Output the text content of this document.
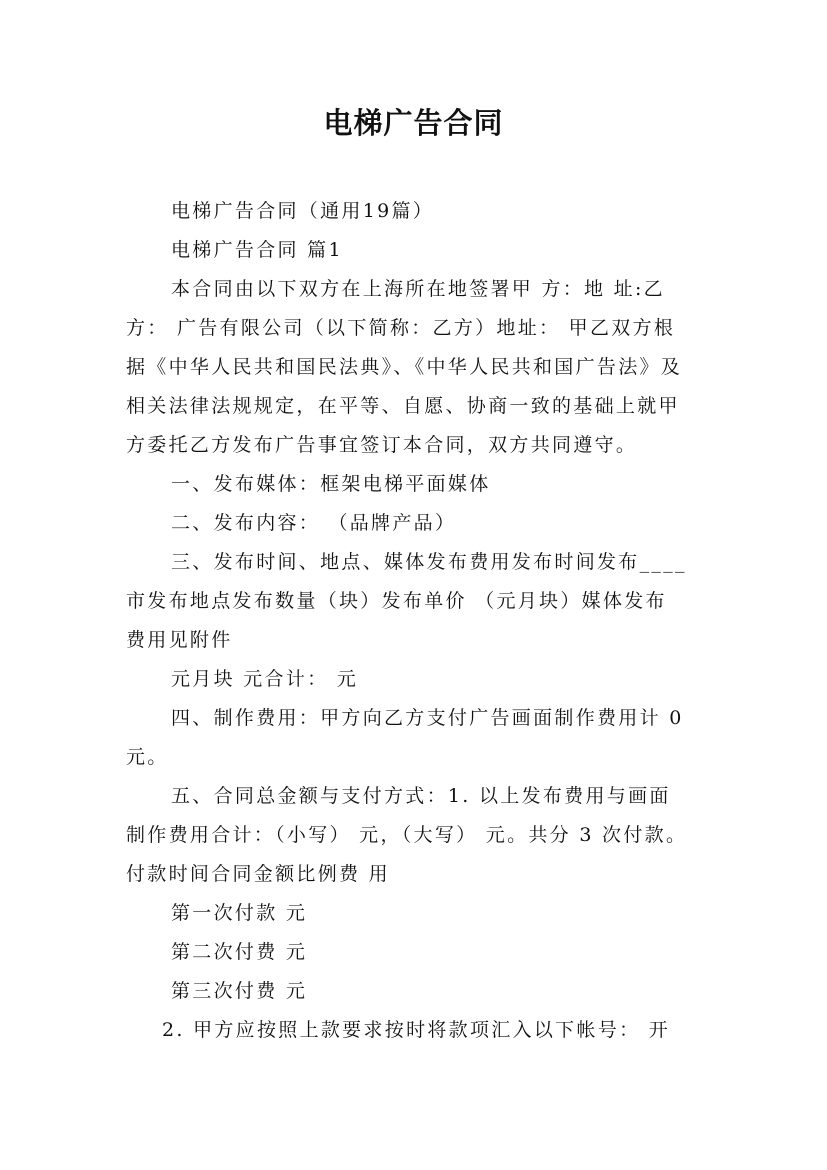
电梯广告合同
电梯广告合同（通用19篇）
电梯广告合同 篇1
本合同由以下双方在上海所在地签署甲 方：地 址:乙
方： 广告有限公司（以下简称：乙方）地址： 甲乙双方根
据《中华人民共和国民法典》、《中华人民共和国广告法》及
相关法律法规规定，在平等、自愿、协商一致的基础上就甲
方委托乙方发布广告事宜签订本合同，双方共同遵守。
一、发布媒体：框架电梯平面媒体
二、发布内容： （品牌产品）
三、发布时间、地点、媒体发布费用发布时间发布____
市发布地点发布数量（块）发布单价 （元月块）媒体发布
费用见附件
元月块 元合计： 元
四、制作费用：甲方向乙方支付广告画面制作费用计 0
元。
五、合同总金额与支付方式：1. 以上发布费用与画面
制作费用合计：（小写） 元，（大写） 元。共分 3 次付款。
付款时间合同金额比例费 用
第一次付款 元
第二次付费 元
第三次付费 元
2. 甲方应按照上款要求按时将款项汇入以下帐号： 开
